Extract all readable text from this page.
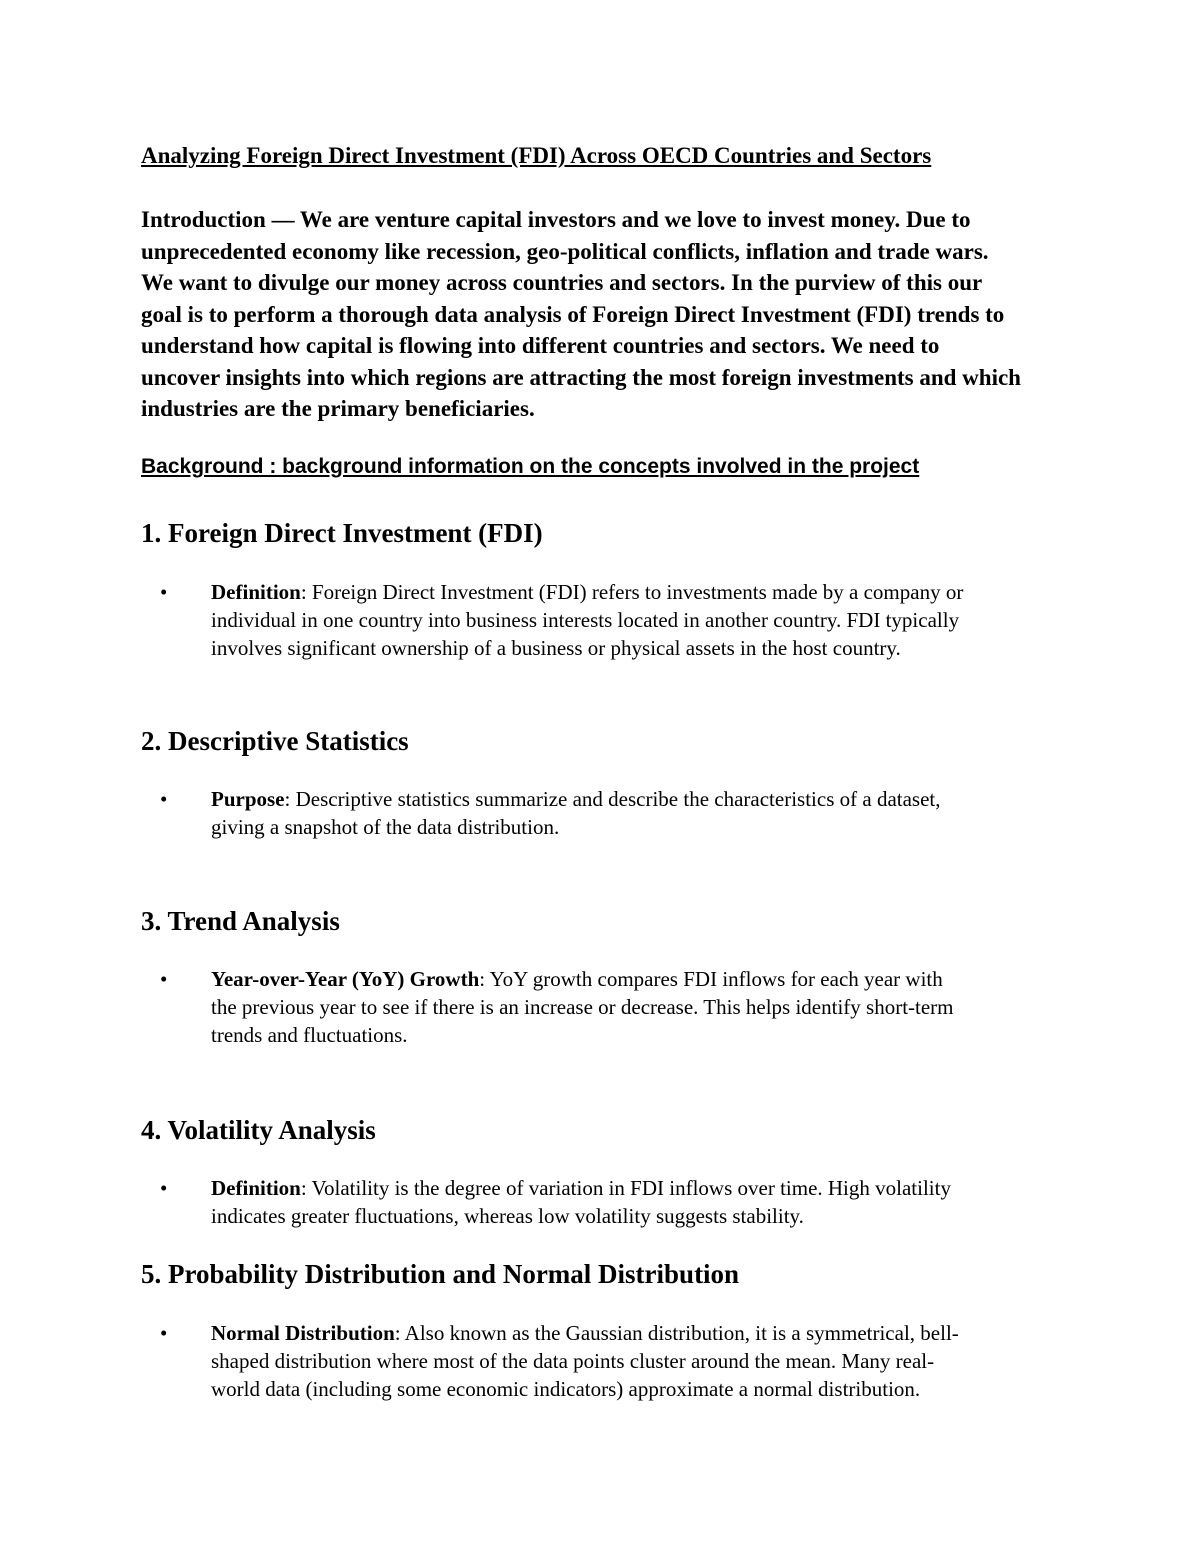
Analyzing Foreign Direct Investment (FDI) Across OECD Countries and Sectors

Introduction — We are venture capital investors and we love to invest money. Due to
unprecedented economy like recession, geo-political conflicts, inflation and trade wars.
We want to divulge our money across countries and sectors. In the purview of this our
goal is to perform a thorough data analysis of Foreign Direct Investment (FDI) trends to
understand how capital is flowing into different countries and sectors. We need to
uncover insights into which regions are attracting the most foreign investments and which
industries are the primary beneficiaries.

Background : background information on the concepts involved in the project
1. Foreign Direct Investment (FDI)
• Definition: Foreign Direct Investment (FDI) refers to investments made by a company or
individual in one country into business interests located in another country. FDI typically
involves significant ownership of a business or physical assets in the host country.
2. Descriptive Statistics
• Purpose: Descriptive statistics summarize and describe the characteristics of a dataset,
giving a snapshot of the data distribution.
3. Trend Analysis
• Year-over-Year (YoY) Growth: YoY growth compares FDI inflows for each year with
the previous year to see if there is an increase or decrease. This helps identify short-term
trends and fluctuations.
4. Volatility Analysis
• Definition: Volatility is the degree of variation in FDI inflows over time. High volatility
indicates greater fluctuations, whereas low volatility suggests stability.
5. Probability Distribution and Normal Distribution
• Normal Distribution: Also known as the Gaussian distribution, it is a symmetrical, bell-
shaped distribution where most of the data points cluster around the mean. Many real-
world data (including some economic indicators) approximate a normal distribution.
